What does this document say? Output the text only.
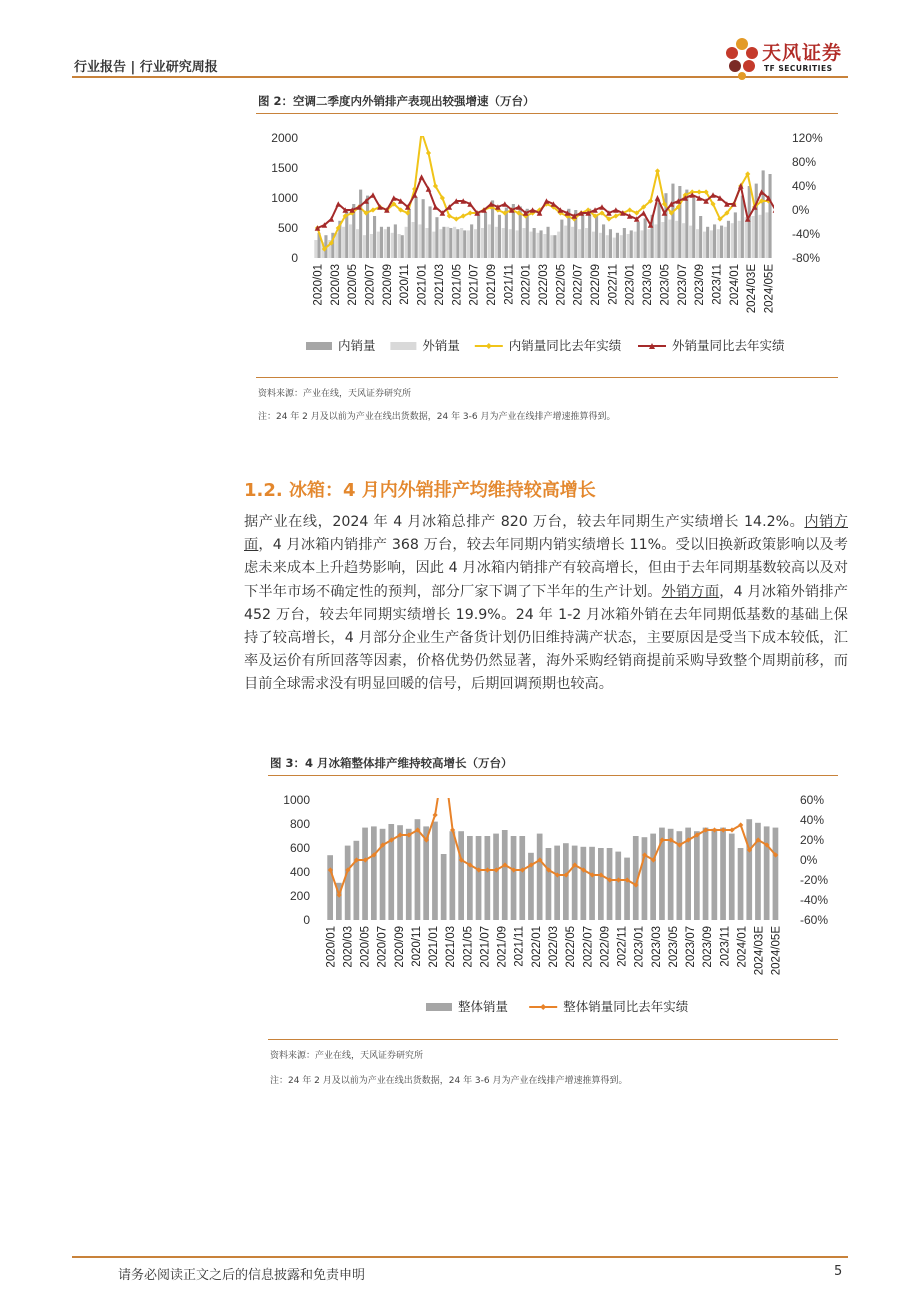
行业报告 | 行业研究周报
天风证券
TF SECURITIES
图 2：空调二季度内外销排产表现出较强增速（万台）
0
500
1000
1500
2000
-80%
-40%
0%
40%
80%
120%
2020/01 2020/03 2020/05 2020/07 2020/09 2020/11 2021/01 2021/03 2021/05 2021/07 2021/09 2021/11 2022/01 2022/03 2022/05 2022/07 2022/09 2022/11 2023/01 2023/03 2023/05 2023/07 2023/09 2023/11 2024/01 2024/03E 2024/05E
内销量	外销量	内销量同比去年实绩	外销量同比去年实绩
资料来源：产业在线，天风证券研究所
注：24 年 2 月及以前为产业在线出货数据，24 年 3-6 月为产业在线排产增速推算得到。
1.2. 冰箱：4 月内外销排产均维持较高增长
据产业在线，2024 年 4 月冰箱总排产 820 万台，较去年同期生产实绩增长 14.2%。内销方面，4 月冰箱内销排产 368 万台，较去年同期内销实绩增长 11%。受以旧换新政策影响以及考虑未来成本上升趋势影响，因此 4 月冰箱内销排产有较高增长，但由于去年同期基数较高以及对下半年市场不确定性的预判，部分厂家下调了下半年的生产计划。外销方面，4 月冰箱外销排产 452 万台，较去年同期实绩增长 19.9%。24 年 1-2 月冰箱外销在去年同期低基数的基础上保持了较高增长，4 月部分企业生产备货计划仍旧维持满产状态，主要原因是受当下成本较低，汇率及运价有所回落等因素，价格优势仍然显著，海外采购经销商提前采购导致整个周期前移，而目前全球需求没有明显回暖的信号，后期回调预期也较高。
图 3：4 月冰箱整体排产维持较高增长（万台）
0
200
400
600
800
1000
-60%
-40%
-20%
0%
20%
40%
60%
2020/01 2020/03 2020/05 2020/07 2020/09 2020/11 2021/01 2021/03 2021/05 2021/07 2021/09 2021/11 2022/01 2022/03 2022/05 2022/07 2022/09 2022/11 2023/01 2023/03 2023/05 2023/07 2023/09 2023/11 2024/01 2024/03E 2024/05E
整体销量	整体销量同比去年实绩
资料来源：产业在线，天风证券研究所
注：24 年 2 月及以前为产业在线出货数据，24 年 3-6 月为产业在线排产增速推算得到。
请务必阅读正文之后的信息披露和免责申明	5
